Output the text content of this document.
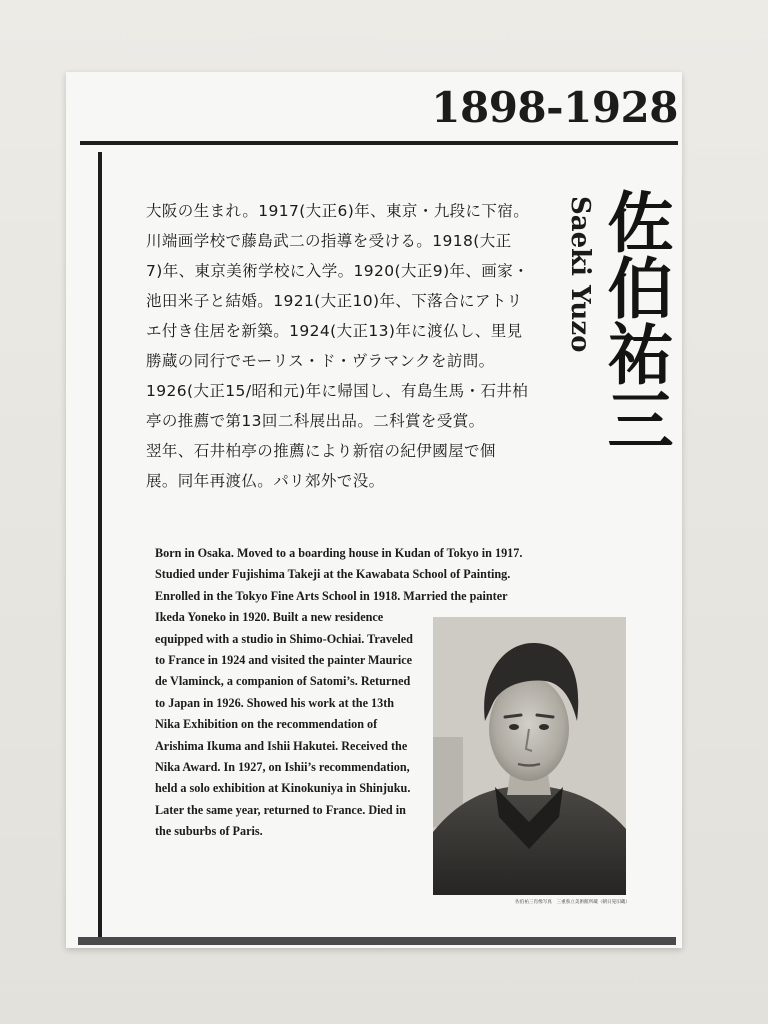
1898-1928
佐伯祐三
Saeki Yuzo

大阪の生まれ。1917(大正6)年、東京・九段に下宿。
川端画学校で藤島武二の指導を受ける。1918(大正
7)年、東京美術学校に入学。1920(大正9)年、画家・
池田米子と結婚。1921(大正10)年、下落合にアトリ
エ付き住居を新築。1924(大正13)年に渡仏し、里見
勝蔵の同行でモーリス・ド・ヴラマンクを訪問。
1926(大正15/昭和元)年に帰国し、有島生馬・石井柏
亭の推薦で第13回二科展出品。二科賞を受賞。
翌年、石井柏亭の推薦により新宿の紀伊國屋で個
展。同年再渡仏。パリ郊外で没。

Born in Osaka. Moved to a boarding house in Kudan of Tokyo in 1917.
Studied under Fujishima Takeji at the Kawabata School of Painting.
Enrolled in the Tokyo Fine Arts School in 1918. Married the painter
Ikeda Yoneko in 1920. Built a new residence
equipped with a studio in Shimo-Ochiai. Traveled
to France in 1924 and visited the painter Maurice
de Vlaminck, a companion of Satomi’s. Returned
to Japan in 1926. Showed his work at the 13th
Nika Exhibition on the recommendation of
Arishima Ikuma and Ishii Hakutei. Received the
Nika Award. In 1927, on Ishii’s recommendation,
held a solo exhibition at Kinokuniya in Shinjuku.
Later the same year, returned to France. Died in
the suburbs of Paris.
佐伯祐三肖像写真　三重県立美術館所蔵（朝日晃旧蔵）
